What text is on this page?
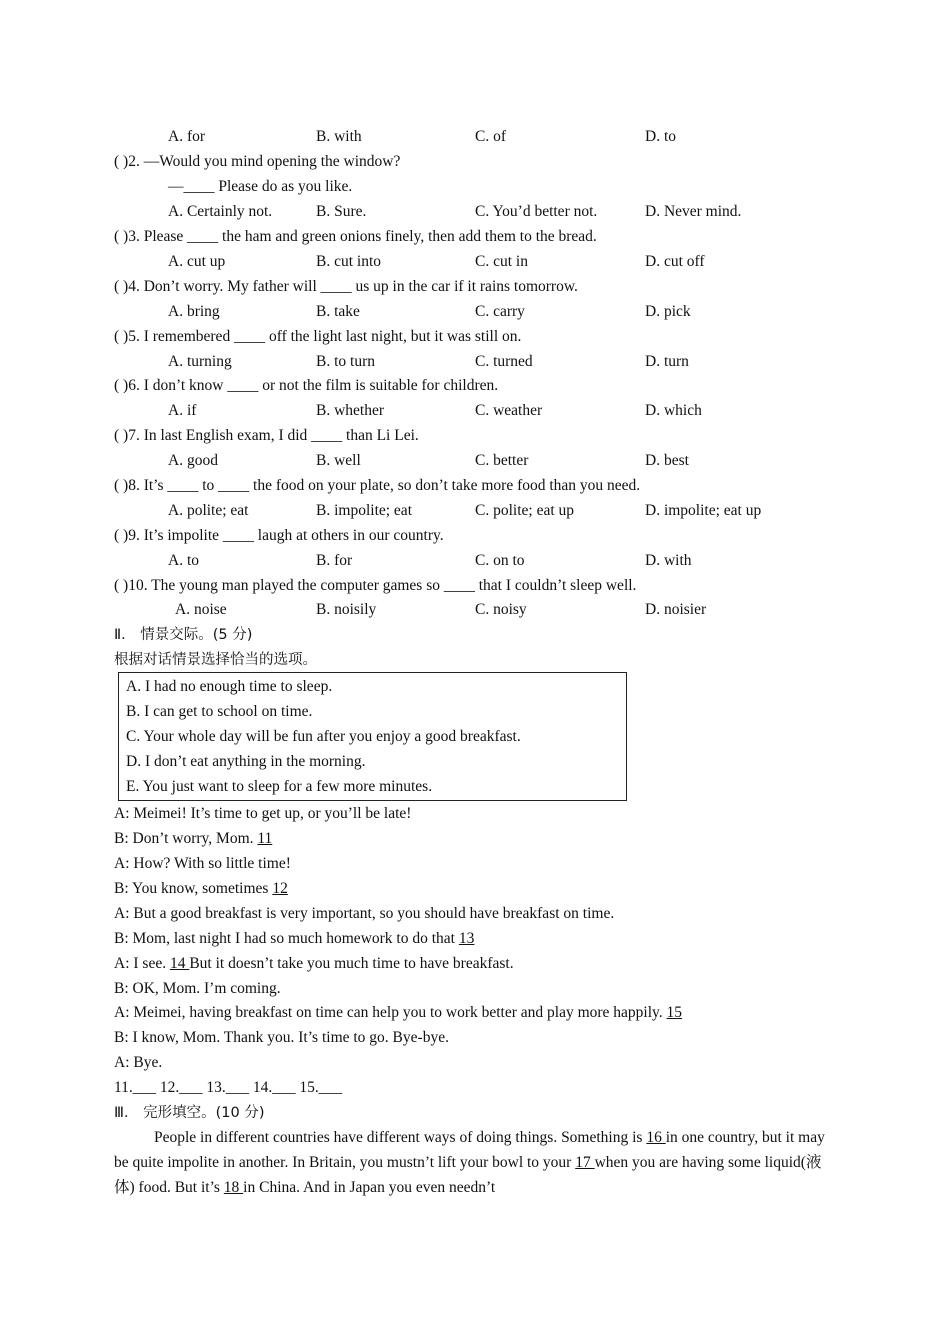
A. for	B. with	C. of	D. to
( )2. —Would you mind opening the window?
—____ Please do as you like.
A. Certainly not.	B. Sure.	C. You’d better not.	D. Never mind.
( )3. Please ____ the ham and green onions finely, then add them to the bread.
A. cut up	B. cut into	C. cut in	D. cut off
( )4. Don’t worry. My father will ____ us up in the car if it rains tomorrow.
A. bring	B. take	C. carry	D. pick
( )5. I remembered ____ off the light last night, but it was still on.
A. turning	B. to turn	C. turned	D. turn
( )6. I don’t know ____ or not the film is suitable for children.
A. if	B. whether	C. weather	D. which
( )7. In last English exam, I did ____ than Li Lei.
A. good	B. well	C. better	D. best
( )8. It’s ____ to ____ the food on your plate, so don’t take more food than you need.
A. polite; eat	B. impolite; eat	C. polite; eat up	D. impolite; eat up
( )9. It’s impolite ____ laugh at others in our country.
A. to	B. for	C. on to	D. with
( )10. The young man played the computer games so ____ that I couldn’t sleep well.
A. noise	B. noisily	C. noisy	D. noisier
Ⅱ． 情景交际。(5 分)
根据对话情景选择恰当的选项。
A. I had no enough time to sleep.
B. I can get to school on time.
C. Your whole day will be fun after you enjoy a good breakfast.
D. I don’t eat anything in the morning.
E. You just want to sleep for a few more minutes.
A: Meimei! It’s time to get up, or you’ll be late!
B: Don’t worry, Mom. 11
A: How? With so little time!
B: You know, sometimes 12
A: But a good breakfast is very important, so you should have breakfast on time.
B: Mom, last night I had so much homework to do that 13
A: I see. 14 But it doesn’t take you much time to have breakfast.
B: OK, Mom. I’m coming.
A: Meimei, having breakfast on time can help you to work better and play more happily. 15
B: I know, Mom. Thank you. It’s time to go. Bye-bye.
A: Bye.
11.___ 12.___ 13.___ 14.___ 15.___
Ⅲ． 完形填空。(10 分)
People in different countries have different ways of doing things. Something is 16 in one country, but it may be quite impolite in another. In Britain, you mustn’t lift your bowl to your 17 when you are having some liquid(液体) food. But it’s 18 in China. And in Japan you even needn’t
